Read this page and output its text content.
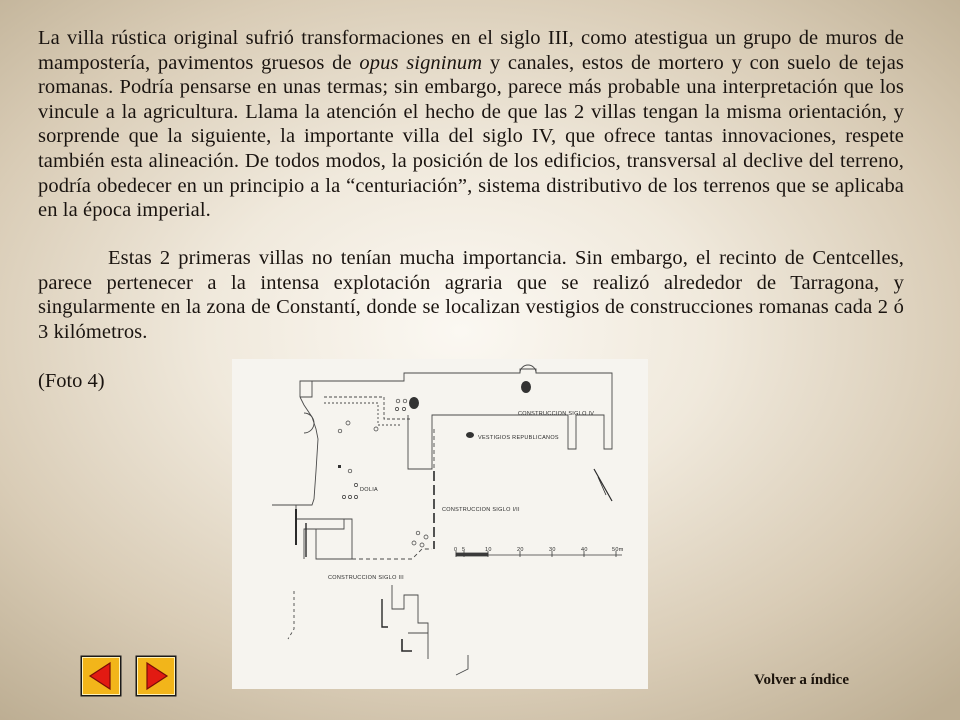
La villa rústica original sufrió transformaciones en el siglo III, como atestigua un grupo de muros de mampostería, pavimentos gruesos de opus signinum y canales, estos de mortero y con suelo de tejas romanas. Podría pensarse en unas termas; sin embargo, parece más probable una interpretación que los vincule a la agricultura. Llama la atención el hecho de que las 2 villas tengan la misma orientación, y sorprende que la siguiente, la importante villa del siglo IV, que ofrece tantas innovaciones, respete también esta alineación. De todos modos, la posición de los edificios, transversal al declive del terreno, podría obedecer en un principio a la “centuriación”, sistema distributivo de los terrenos que se aplicaba en la época imperial.

Estas 2 primeras villas no tenían mucha importancia. Sin embargo, el recinto de Centcelles, parece pertenecer a la intensa explotación agraria que se realizó alrededor de Tarragona, y singularmente en la zona de Constantí, donde se localizan vestigios de construcciones romanas cada 2 ó 3 kilómetros.

(Foto 4)

0 5	10	20	30	40	50m
CONSTRUCCION SIGLO IV
VESTIGIOS REPUBLICANOS
DOLIA
CONSTRUCCION SIGLO I/II
CONSTRUCCION SIGLO III
Volver a índice
